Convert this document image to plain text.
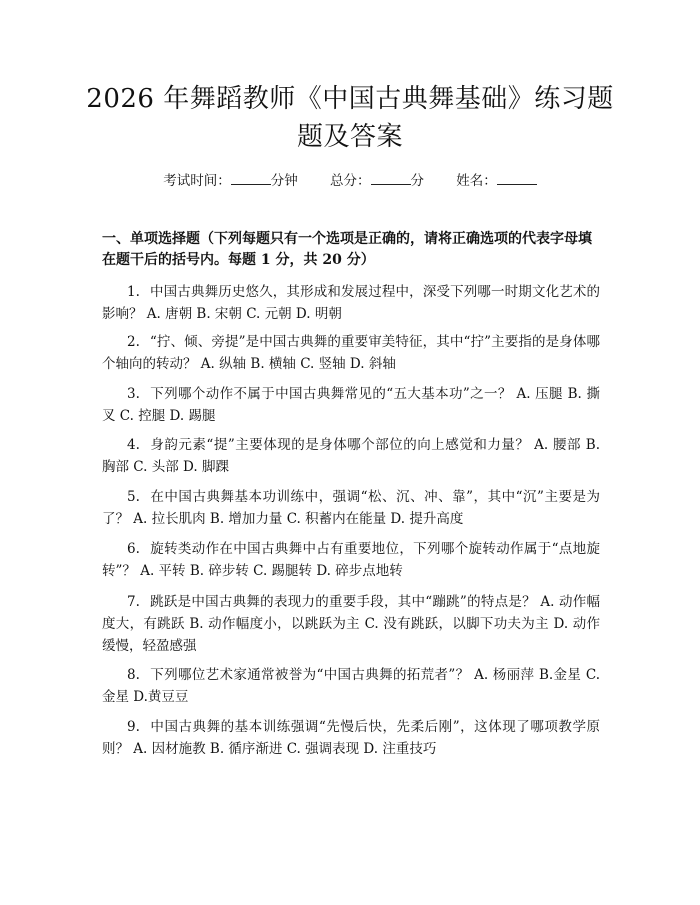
2026 年舞蹈教师《中国古典舞基础》练习题
题及答案
考试时间：	分钟 总分：	分 姓名：
一、单项选择题（下列每题只有一个选项是正确的，请将正确选项的代表字母填在题干后的括号内。每题 1 分，共 20 分）
1. 中国古典舞历史悠久，其形成和发展过程中，深受下列哪一时期文化艺术的影响？ A. 唐朝 B. 宋朝 C. 元朝 D. 明朝
2. “拧、倾、旁提”是中国古典舞的重要审美特征，其中“拧”主要指的是身体哪个轴向的转动？ A. 纵轴 B. 横轴 C. 竖轴 D. 斜轴
3. 下列哪个动作不属于中国古典舞常见的“五大基本功”之一？ A. 压腿 B. 撕叉 C. 控腿 D. 踢腿
4. 身韵元素“提”主要体现的是身体哪个部位的向上感觉和力量？ A. 腰部 B. 胸部 C. 头部 D. 脚踝
5. 在中国古典舞基本功训练中，强调“松、沉、冲、靠”，其中“沉”主要是为了？ A. 拉长肌肉 B. 增加力量 C. 积蓄内在能量 D. 提升高度
6. 旋转类动作在中国古典舞中占有重要地位，下列哪个旋转动作属于“点地旋转”？ A. 平转 B. 碎步转 C. 踢腿转 D. 碎步点地转
7. 跳跃是中国古典舞的表现力的重要手段，其中“蹦跳”的特点是？ A. 动作幅度大，有跳跃 B. 动作幅度小，以跳跃为主 C. 没有跳跃，以脚下功夫为主 D. 动作缓慢，轻盈感强
8. 下列哪位艺术家通常被誉为“中国古典舞的拓荒者”？ A. 杨丽萍 B.金星 C.金星 D.黄豆豆
9. 中国古典舞的基本训练强调“先慢后快，先柔后刚”，这体现了哪项教学原则？ A. 因材施教 B. 循序渐进 C. 强调表现 D. 注重技巧
